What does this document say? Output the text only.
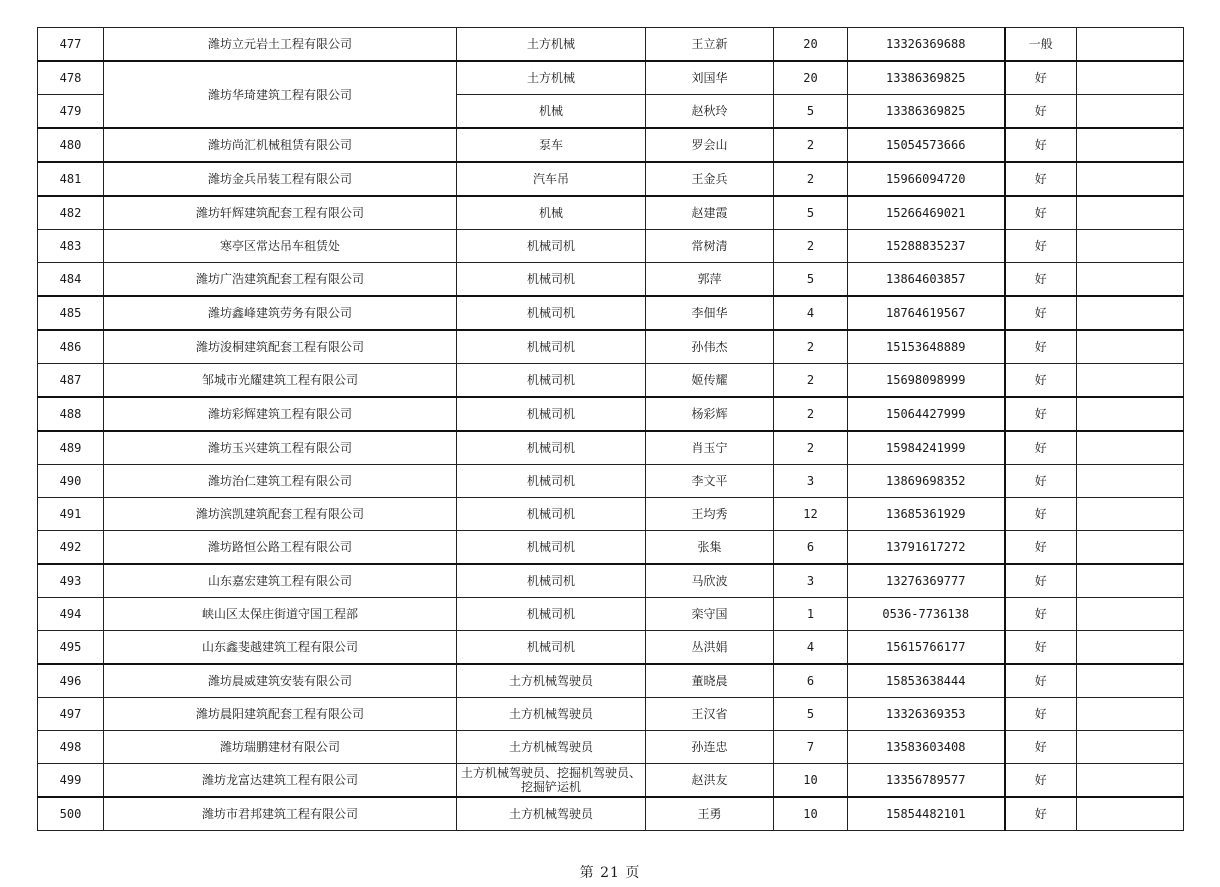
477	潍坊立元岩土工程有限公司	土方机械	王立新	20	13326369688	一般	
478	潍坊华琦建筑工程有限公司	土方机械	刘国华	20	13386369825	好	
479		机械	赵秋玲	5	13386369825	好	
480	潍坊尚汇机械租赁有限公司	泵车	罗会山	2	15054573666	好	
481	潍坊金兵吊装工程有限公司	汽车吊	王金兵	2	15966094720	好	
482	潍坊轩辉建筑配套工程有限公司	机械	赵建霞	5	15266469021	好	
483	寒亭区常达吊车租赁处	机械司机	常树清	2	15288835237	好	
484	潍坊广浩建筑配套工程有限公司	机械司机	郭萍	5	13864603857	好	
485	潍坊鑫峰建筑劳务有限公司	机械司机	李佃华	4	18764619567	好	
486	潍坊浚桐建筑配套工程有限公司	机械司机	孙伟杰	2	15153648889	好	
487	邹城市光耀建筑工程有限公司	机械司机	姬传耀	2	15698098999	好	
488	潍坊彩辉建筑工程有限公司	机械司机	杨彩辉	2	15064427999	好	
489	潍坊玉兴建筑工程有限公司	机械司机	肖玉宁	2	15984241999	好	
490	潍坊治仁建筑工程有限公司	机械司机	李文平	3	13869698352	好	
491	潍坊滨凯建筑配套工程有限公司	机械司机	王均秀	12	13685361929	好	
492	潍坊路恒公路工程有限公司	机械司机	张集	6	13791617272	好	
493	山东嘉宏建筑工程有限公司	机械司机	马欣波	3	13276369777	好	
494	峡山区太保庄街道守国工程部	机械司机	栾守国	1	0536-7736138	好	
495	山东鑫斐越建筑工程有限公司	机械司机	丛洪娟	4	15615766177	好	
496	潍坊晨威建筑安装有限公司	土方机械驾驶员	董晓晨	6	15853638444	好	
497	潍坊晨阳建筑配套工程有限公司	土方机械驾驶员	王汉省	5	13326369353	好	
498	潍坊瑞鹏建材有限公司	土方机械驾驶员	孙连忠	7	13583603408	好	
499	潍坊龙富达建筑工程有限公司	土方机械驾驶员、挖掘机驾驶员、挖掘铲运机	赵洪友	10	13356789577	好	
500	潍坊市君邦建筑工程有限公司	土方机械驾驶员	王勇	10	15854482101	好	
第 21 页
